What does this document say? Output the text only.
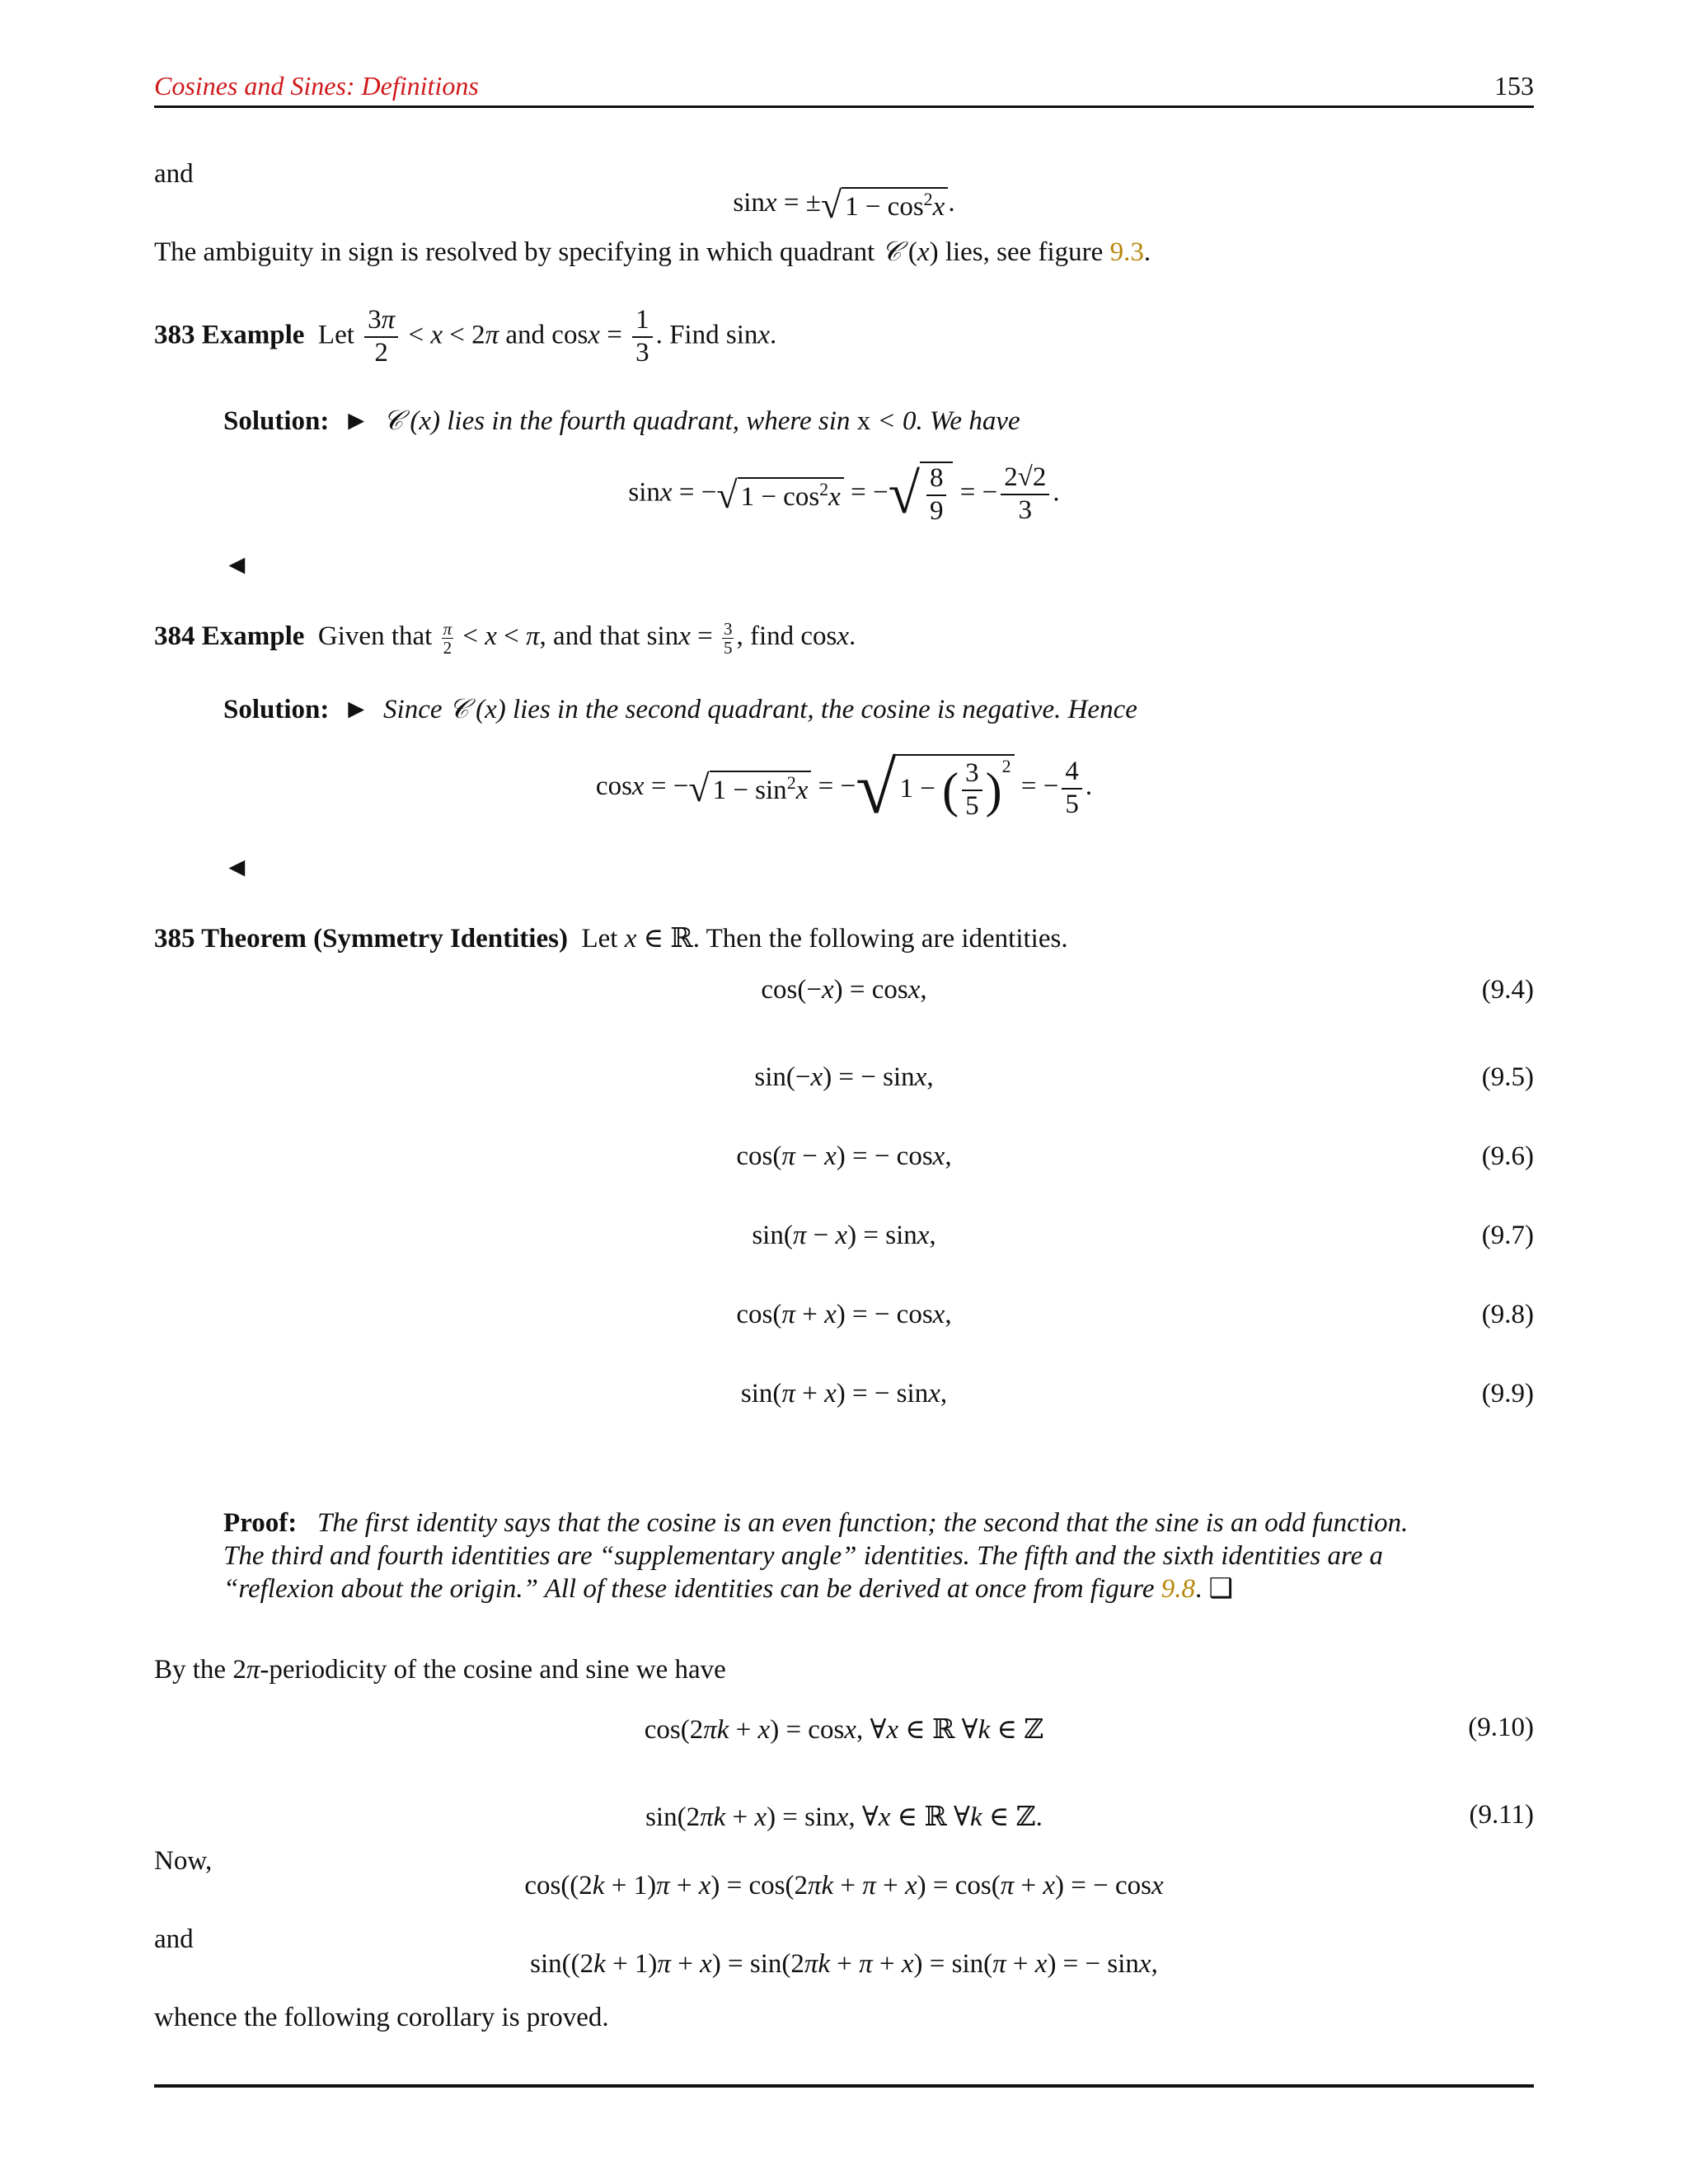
Cosines and Sines: Definitions	153
and
sinx = ±√ $1 - \cos^2x$ .
The ambiguity in sign is resolved by specifying in which quadrant 𝒞 (x) lies, see figure 9.3.
383 Example Let $\frac{3\pi}{2} < x < 2\pi$ and $\cos x = \frac{1}{3}$ . Find sinx.
Solution: ► 𝒞 (x) lies in the fourth quadrant, where sin x < 0. We have
sinx = −√ $1 - \cos^2x$ = −√ $\frac{8}{9}$ = − $\frac{2√2}{3}$ .
◄
384 Example Given that $\frac{\pi}{2} < x < \pi$, and that $\sin x = \frac{3}{5}$ , find cosx.
Solution: ► Since 𝒞 (x) lies in the second quadrant, the cosine is negative. Hence
cosx = −√ $1 - \sin^2x$ = −√ 1 − ( $\frac{3}{5} )^2$ = − $\frac{4}{5}$ .
◄
385 Theorem (Symmetry Identities)  Let x ∈ ℝ. Then the following are identities.
cos(−x) = cosx,	(9.4)
sin(−x) = − sinx,	(9.5)
cos(π − x) = − cosx,	(9.6)
sin(π − x) = sinx,	(9.7)
cos(π + x) = − cosx,	(9.8)
sin(π + x) = − sinx,	(9.9)
Proof: The first identity says that the cosine is an even function; the second that the sine is an odd function.
The third and fourth identities are “supplementary angle” identities. The fifth and the sixth identities are a
“reflexion about the origin.” All of these identities can be derived at once from figure 9.8. ❑
By the 2π-periodicity of the cosine and sine we have
cos(2πk + x) = cosx, ∀x ∈ ℝ ∀k ∈ ℤ	(9.10)
sin(2πk + x) = sinx, ∀x ∈ ℝ ∀k ∈ ℤ.	(9.11)
Now,
cos((2k + 1)π + x) = cos(2πk + π + x) = cos(π + x) = − cosx
and
sin((2k + 1)π + x) = sin(2πk + π + x) = sin(π + x) = − sinx,
whence the following corollary is proved.
